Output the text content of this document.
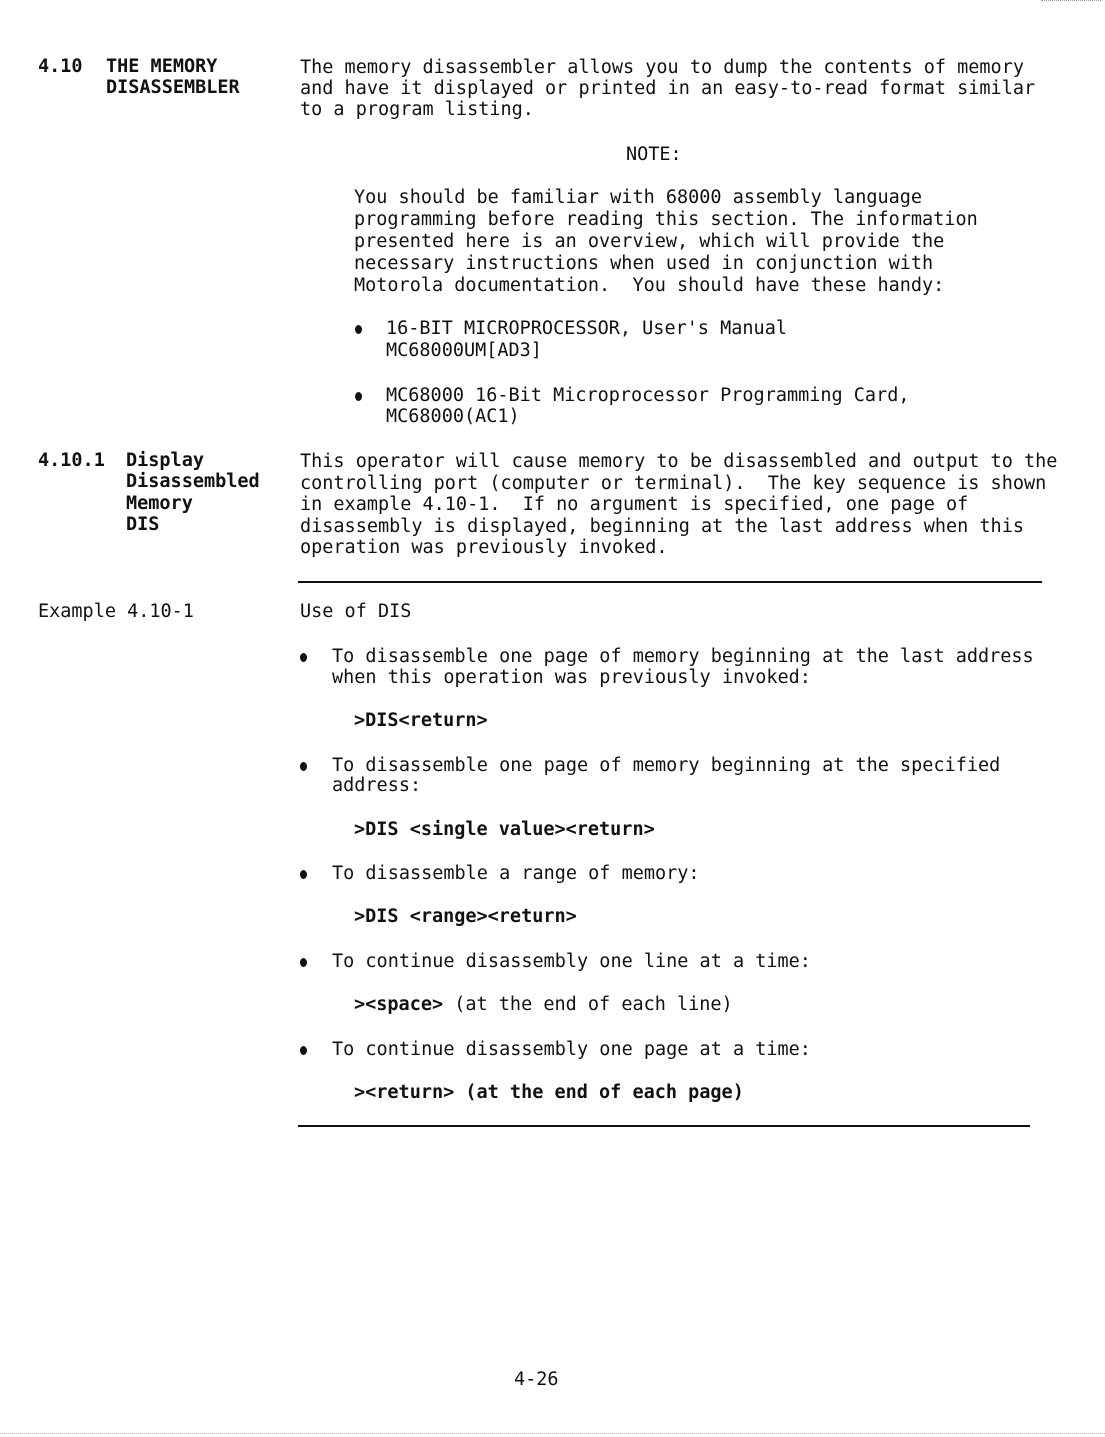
4.10 THE MEMORY
DISASSEMBLER
The memory disassembler allows you to dump the contents of memory
and have it displayed or printed in an easy-to-read format similar
to a program listing.
NOTE:
You should be familiar with 68000 assembly language
programming before reading this section. The information
presented here is an overview, which will provide the
necessary instructions when used in conjunction with
Motorola documentation.  You should have these handy:
16-BIT MICROPROCESSOR, User's Manual
MC68000UM[AD3]
MC68000 16-Bit Microprocessor Programming Card,
MC68000(AC1)
4.10.1 Display
Disassembled
Memory
DIS
This operator will cause memory to be disassembled and output to the
controlling port (computer or terminal).  The key sequence is shown
in example 4.10-1.  If no argument is specified, one page of
disassembly is displayed, beginning at the last address when this
operation was previously invoked.
Example 4.10-1	Use of DIS
To disassemble one page of memory beginning at the last address
when this operation was previously invoked:
>DIS<return>
To disassemble one page of memory beginning at the specified
address:
>DIS <single value><return>
To disassemble a range of memory:
>DIS <range><return>
To continue disassembly one line at a time:
><space> (at the end of each line)
To continue disassembly one page at a time:
><return> (at the end of each page)
4-26
